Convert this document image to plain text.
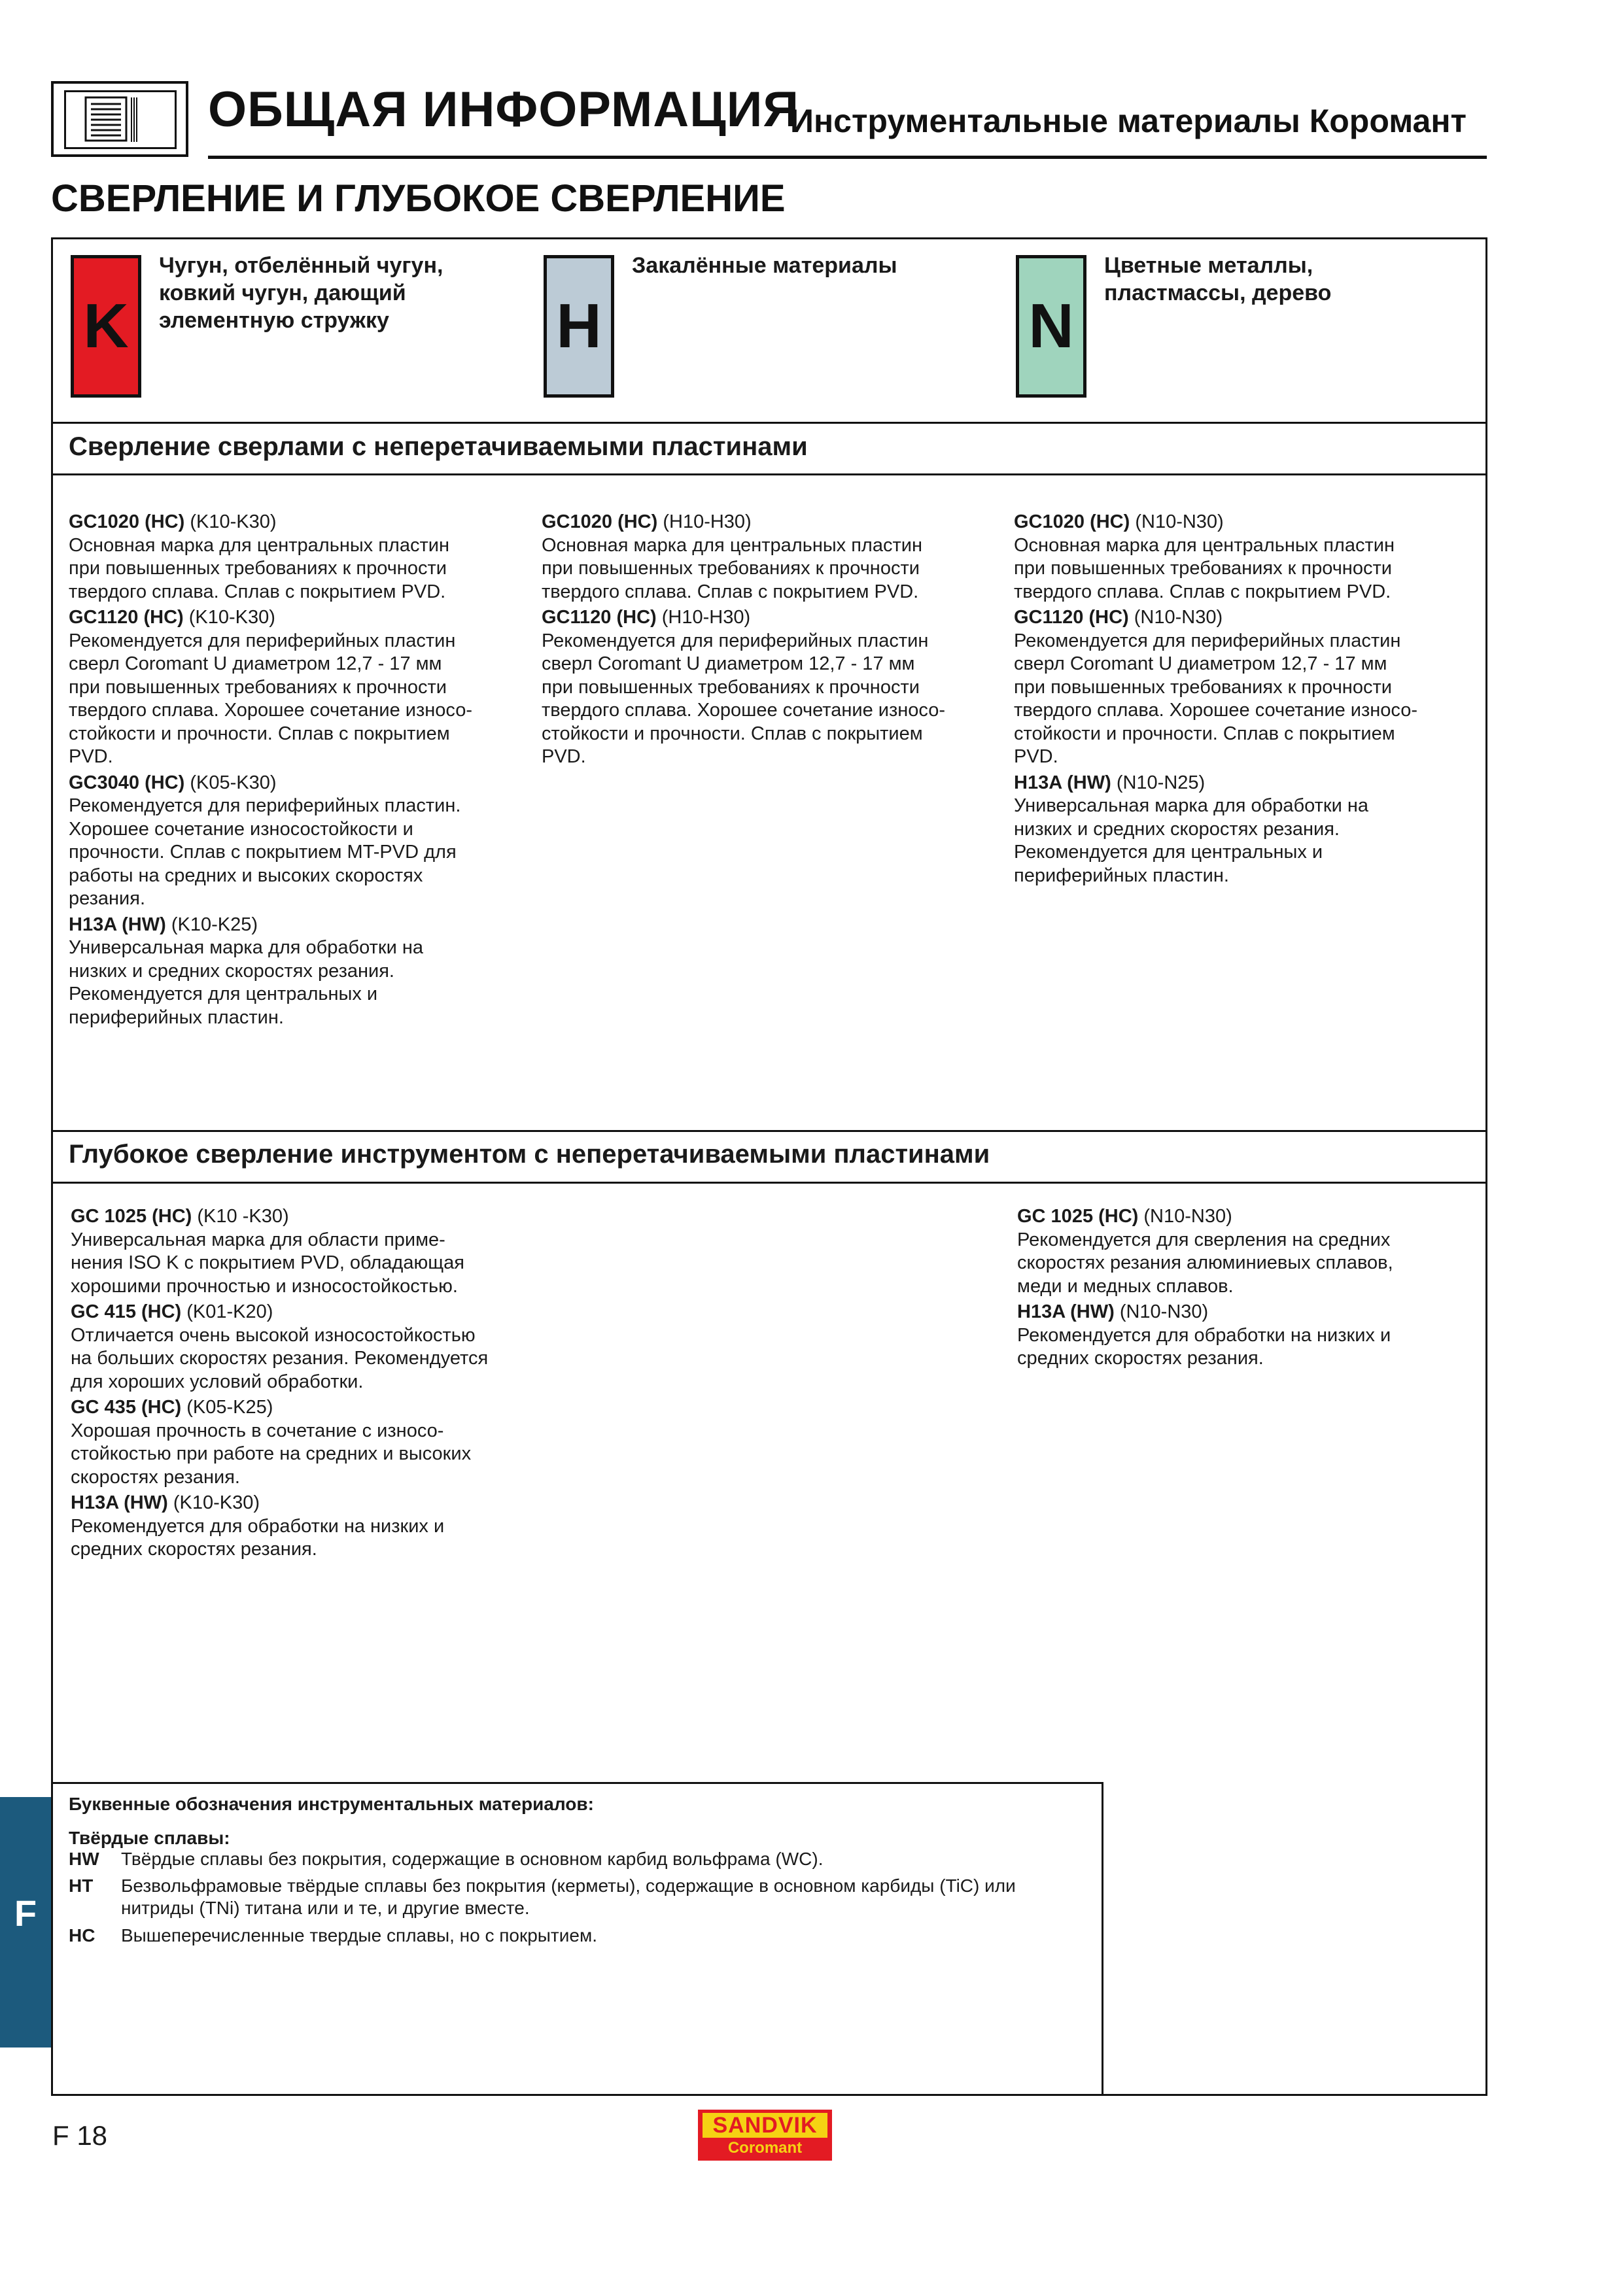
ОБЩАЯ ИНФОРМАЦИЯ
Инструментальные материалы Коромант
СВЕРЛЕНИЕ И ГЛУБОКОЕ СВЕРЛЕНИЕ
K
Чугун, отбелённый чугун,
ковкий чугун, дающий
элементную стружку	H
Закалённые материалы
N
Цветные металлы,
пластмассы, дерево
Сверление сверлами с неперетачиваемыми пластинами
Глубокое сверление инструментом с неперетачиваемыми пластинами
GC1020 (HC) (K10-K30)

Основная марка для центральных пластин
при повышенных требованиях к прочности
твердого сплава. Сплав с покрытием PVD.

GC1120 (HC) (K10-K30)

Рекомендуется для периферийных пластин
сверл Coromant U диаметром 12,7 - 17 мм
при повышенных требованиях к прочности
твердого сплава. Хорошее сочетание износо-
стойкости и прочности. Сплав с покрытием
PVD.

GC3040 (HC) (K05-K30)

Рекомендуется для периферийных пластин.
Хорошее сочетание износостойкости и
прочности. Сплав с покрытием MT-PVD для
работы на средних и высоких скоростях
резания.

H13A (HW) (K10-K25)

Универсальная марка для обработки на
низких и средних скоростях резания.
Рекомендуется для центральных и
периферийных пластин.

GC1020 (HC) (H10-H30)

Основная марка для центральных пластин
при повышенных требованиях к прочности
твердого сплава. Сплав с покрытием PVD.

GC1120 (HC) (H10-H30)

Рекомендуется для периферийных пластин
сверл Coromant U диаметром 12,7 - 17 мм
при повышенных требованиях к прочности
твердого сплава. Хорошее сочетание износо-
стойкости и прочности. Сплав с покрытием
PVD.

GC1020 (HC) (N10-N30)

Основная марка для центральных пластин
при повышенных требованиях к прочности
твердого сплава. Сплав с покрытием PVD.

GC1120 (HC) (N10-N30)

Рекомендуется для периферийных пластин
сверл Coromant U диаметром 12,7 - 17 мм
при повышенных требованиях к прочности
твердого сплава. Хорошее сочетание износо-
стойкости и прочности. Сплав с покрытием
PVD.

H13A (HW) (N10-N25)

Универсальная марка для обработки на
низких и средних скоростях резания.
Рекомендуется для центральных и
периферийных пластин.

GC 1025 (HC) (K10 -K30)

Универсальная марка для области приме-
нения ISO K с покрытием PVD, обладающая
хорошими прочностью и износостойкостью.

GC 415 (HC) (K01-K20)

Отличается очень высокой износостойкостью
на больших скоростях резания. Рекомендуется
для хороших условий обработки.

GC 435 (HC) (K05-K25)

Хорошая прочность в сочетание с износо-
стойкостью при работе на средних и высоких
скоростях резания.

H13A (HW) (K10-K30)

Рекомендуется для обработки на низких и
средних скоростях резания.

GC 1025 (HC) (N10-N30)

Рекомендуется для сверления на средних
скоростях резания алюминиевых сплавов,
меди и медных сплавов.

H13A (HW) (N10-N30)

Рекомендуется для обработки на низких и
средних скоростях резания.

Буквенные обозначения инструментальных материалов:
Твёрдые сплавы:
HW	Твёрдые сплавы без покрытия, содержащие в основном карбид вольфрама (WC).
HT	Безвольфрамовые твёрдые сплавы без покрытия (керметы), содержащие в основном карбиды (TiC) или
нитриды (TNi) титана или и те, и другие вместе.
HC	Вышеперечисленные твердые сплавы, но с покрытием.
F
F 18	SANDVIK
Coromant
